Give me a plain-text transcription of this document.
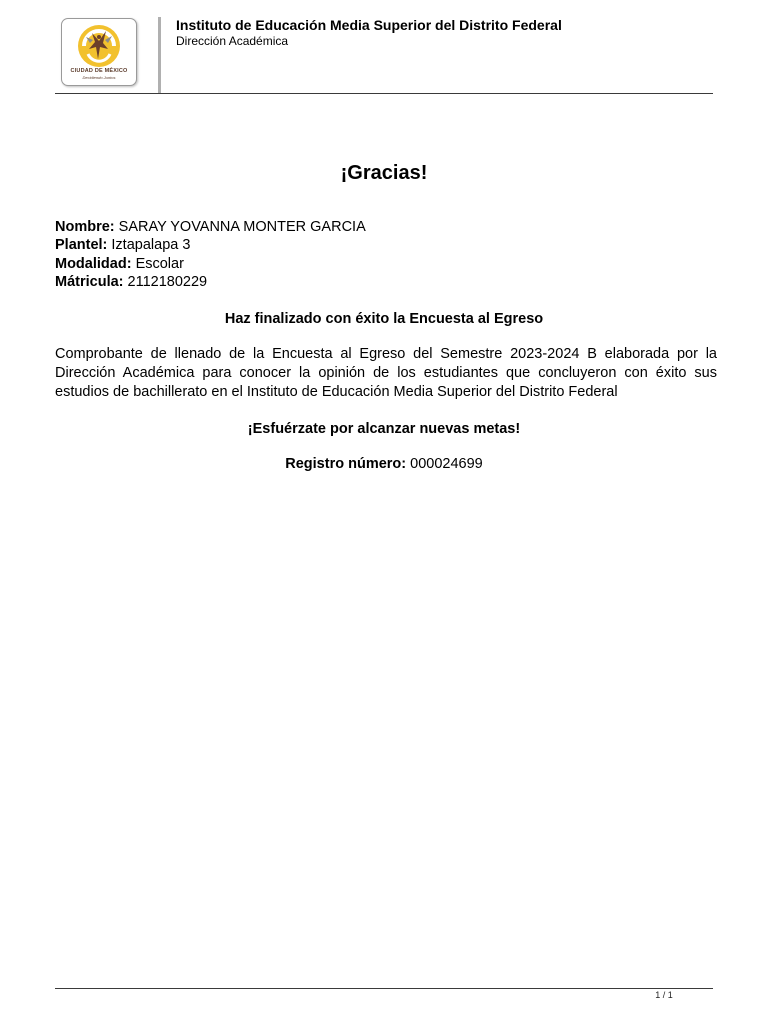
CIUDAD DE MÉXICO
Decidiendo Juntos
Instituto de Educación Media Superior del Distrito Federal
Dirección Académica
¡Gracias!
Nombre: SARAY YOVANNA MONTER GARCIA
Plantel: Iztapalapa 3
Modalidad: Escolar
Mátricula: 2112180229
Haz finalizado con éxito la Encuesta al Egreso
Comprobante de llenado de la Encuesta al Egreso del Semestre 2023-2024 B elaborada por la Dirección Académica para conocer la opinión de los estudiantes que concluyeron con éxito sus estudios de bachillerato en el Instituto de Educación Media Superior del Distrito Federal
¡Esfuérzate por alcanzar nuevas metas!
Registro número: 000024699
1 / 1
